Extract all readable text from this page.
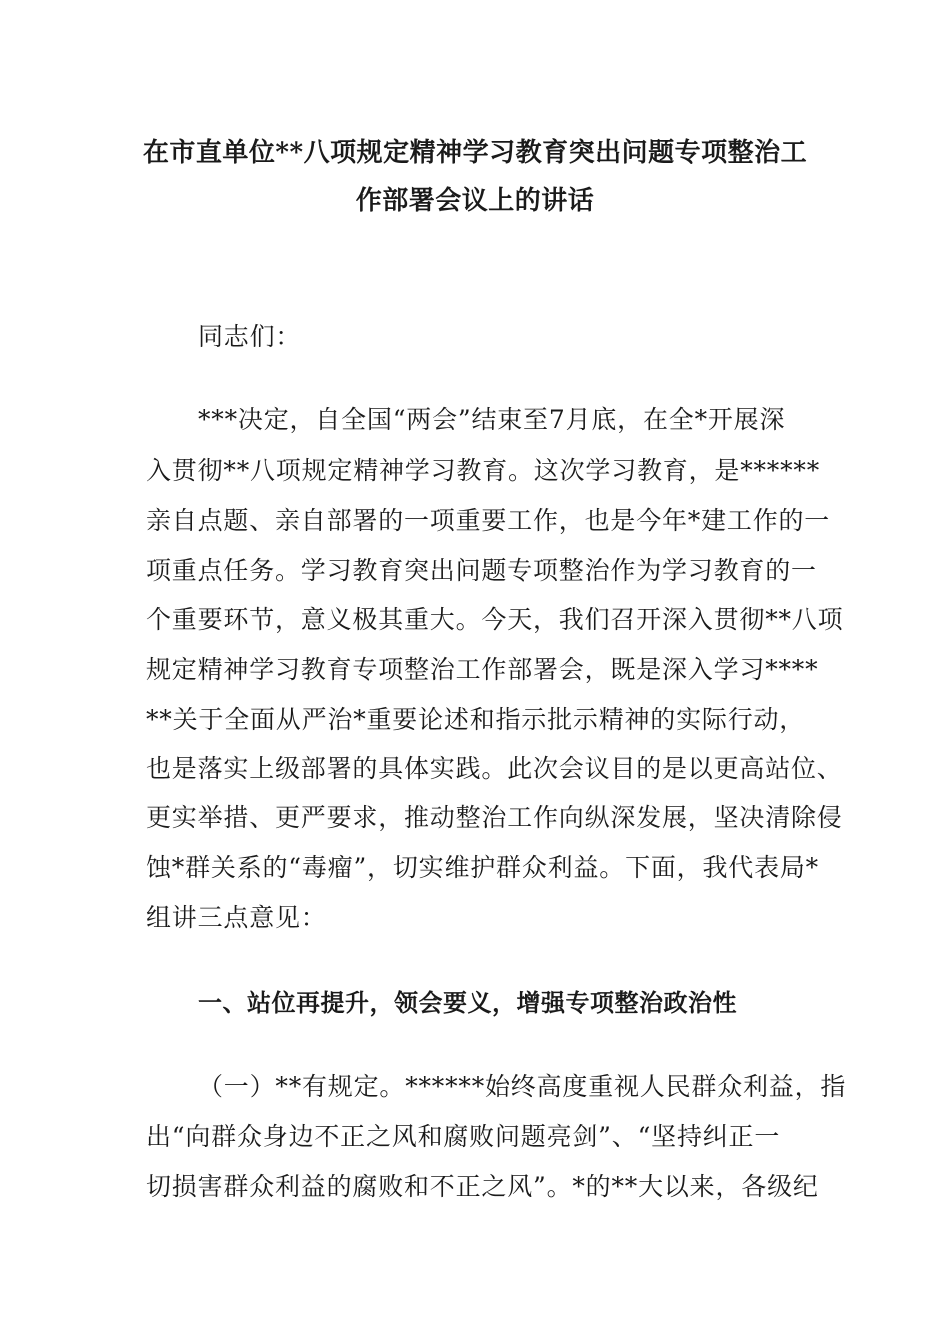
在市直单位**八项规定精神学习教育突出问题专项整治工
作部署会议上的讲话
同志们：
***决定，自全国“两会”结束至7月底，在全*开展深
入贯彻**八项规定精神学习教育。这次学习教育，是******
亲自点题、亲自部署的一项重要工作，也是今年*建工作的一
项重点任务。学习教育突出问题专项整治作为学习教育的一
个重要环节，意义极其重大。今天，我们召开深入贯彻**八项
规定精神学习教育专项整治工作部署会，既是深入学习****
**关于全面从严治*重要论述和指示批示精神的实际行动，
也是落实上级部署的具体实践。此次会议目的是以更高站位、
更实举措、更严要求，推动整治工作向纵深发展，坚决清除侵
蚀*群关系的“毒瘤”，切实维护群众利益。下面，我代表局*
组讲三点意见：
一、站位再提升，领会要义，增强专项整治政治性
（一）**有规定。******始终高度重视人民群众利益，指
出“向群众身边不正之风和腐败问题亮剑”、“坚持纠正一
切损害群众利益的腐败和不正之风”。*的**大以来，各级纪
